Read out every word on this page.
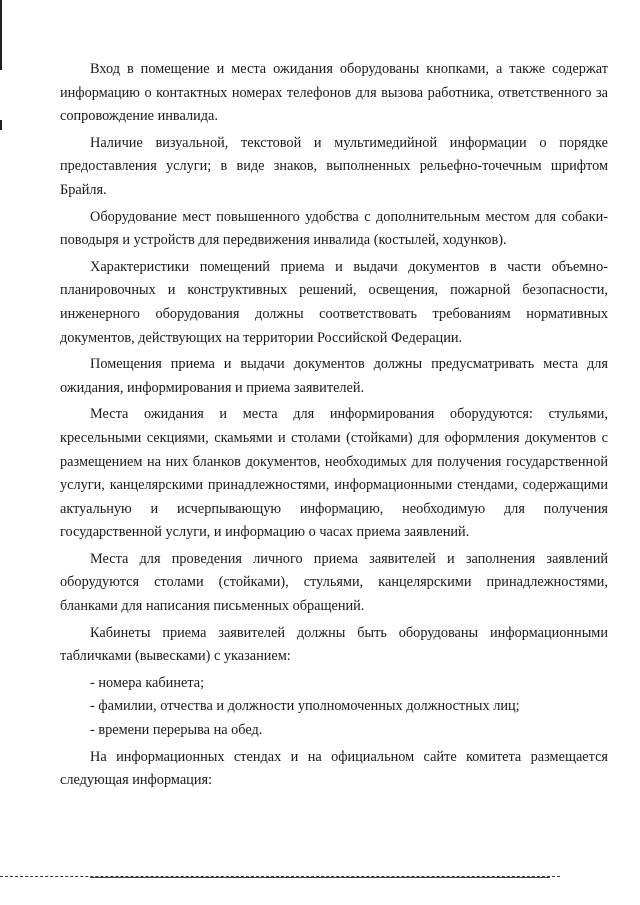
Вход в помещение и места ожидания оборудованы кнопками, а также содержат информацию о контактных номерах телефонов для вызова работника, ответственного за сопровождение инвалида.

Наличие визуальной, текстовой и мультимедийной информации о порядке предоставления услуги; в виде знаков, выполненных рельефно-точечным шрифтом Брайля.

Оборудование мест повышенного удобства с дополнительным местом для собаки-поводыря и устройств для передвижения инвалида (костылей, ходунков).

Характеристики помещений приема и выдачи документов в части объемно-планировочных и конструктивных решений, освещения, пожарной безопасности, инженерного оборудования должны соответствовать требованиям нормативных документов, действующих на территории Российской Федерации.

Помещения приема и выдачи документов должны предусматривать места для ожидания, информирования и приема заявителей.

Места ожидания и места для информирования оборудуются: стульями, кресельными секциями, скамьями и столами (стойками) для оформления документов с размещением на них бланков документов, необходимых для получения государственной услуги, канцелярскими принадлежностями, информационными стендами, содержащими актуальную и исчерпывающую информацию, необходимую для получения государственной услуги, и информацию о часах приема заявлений.

Места для проведения личного приема заявителей и заполнения заявлений оборудуются столами (стойками), стульями, канцелярскими принадлежностями, бланками для написания письменных обращений.

Кабинеты приема заявителей должны быть оборудованы информационными табличками (вывесками) с указанием:

- номера кабинета;

- фамилии, отчества и должности уполномоченных должностных лиц;

- времени перерыва на обед.

На информационных стендах и на официальном сайте комитета размещается следующая информация:
